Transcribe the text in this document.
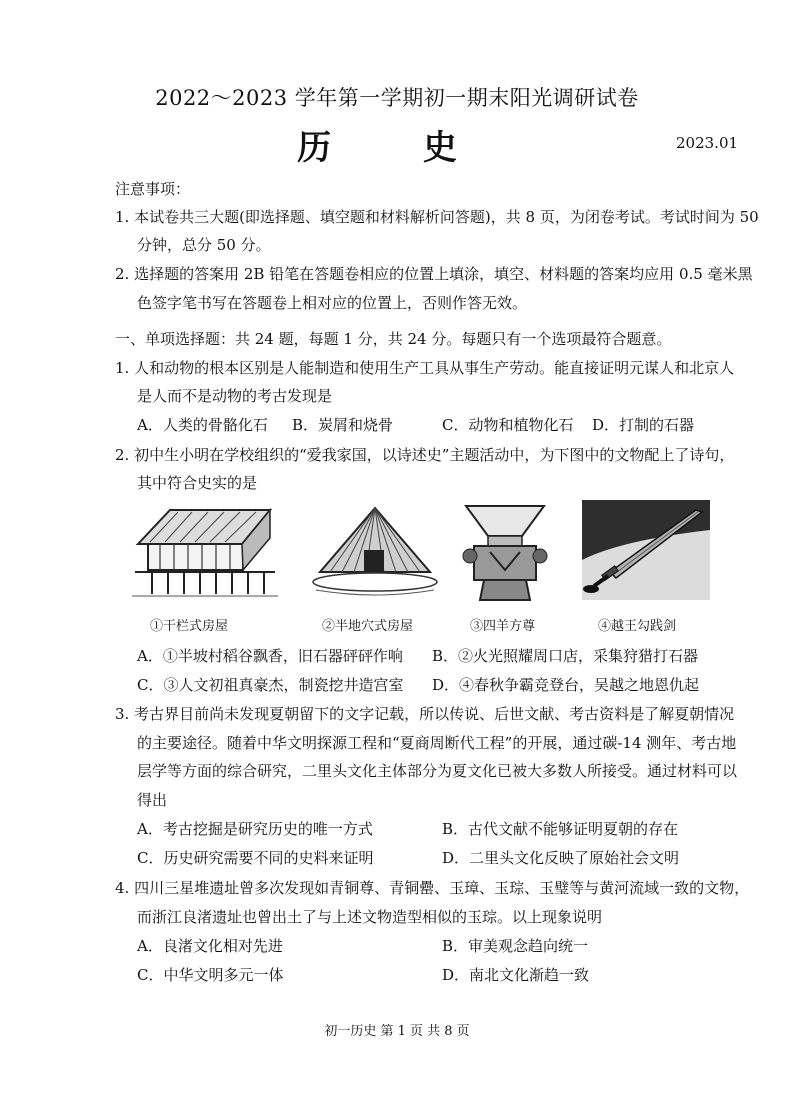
2022～2023 学年第一学期初一期末阳光调研试卷
历 史	2023.01
注意事项：
1. 本试卷共三大题(即选择题、填空题和材料解析问答题)，共 8 页，为闭卷考试。考试时间为 50
分钟，总分 50 分。
2. 选择题的答案用 2B 铅笔在答题卷相应的位置上填涂，填空、材料题的答案均应用 0.5 毫米黑
色签字笔书写在答题卷上相对应的位置上，否则作答无效。
一、单项选择题：共 24 题，每题 1 分，共 24 分。每题只有一个选项最符合题意。
1. 人和动物的根本区别是人能制造和使用生产工具从事生产劳动。能直接证明元谋人和北京人
是人而不是动物的考古发现是
A．人类的骨骼化石 B．炭屑和烧骨	C．动物和植物化石 D．打制的石器
2. 初中生小明在学校组织的“爱我家国，以诗述史”主题活动中，为下图中的文物配上了诗句，
其中符合史实的是
①干栏式房屋	②半地穴式房屋	③四羊方尊	④越王勾践剑
A．①半坡村稻谷飘香，旧石器砰砰作响 B．②火光照耀周口店，采集狩猎打石器
C．③人文初祖真豪杰，制瓷挖井造宫室 D．④春秋争霸竞登台，吴越之地恩仇起
3. 考古界目前尚未发现夏朝留下的文字记载，所以传说、后世文献、考古资料是了解夏朝情况
的主要途径。随着中华文明探源工程和“夏商周断代工程”的开展，通过碳-14 测年、考古地
层学等方面的综合研究，二里头文化主体部分为夏文化已被大多数人所接受。通过材料可以
得出
A．考古挖掘是研究历史的唯一方式	B．古代文献不能够证明夏朝的存在
C．历史研究需要不同的史料来证明	D．二里头文化反映了原始社会文明
4. 四川三星堆遗址曾多次发现如青铜尊、青铜罍、玉璋、玉琮、玉璧等与黄河流域一致的文物，
而浙江良渚遗址也曾出土了与上述文物造型相似的玉琮。以上现象说明
A．良渚文化相对先进	B．审美观念趋向统一
C．中华文明多元一体	D．南北文化渐趋一致
初一历史 第 1 页 共 8 页
